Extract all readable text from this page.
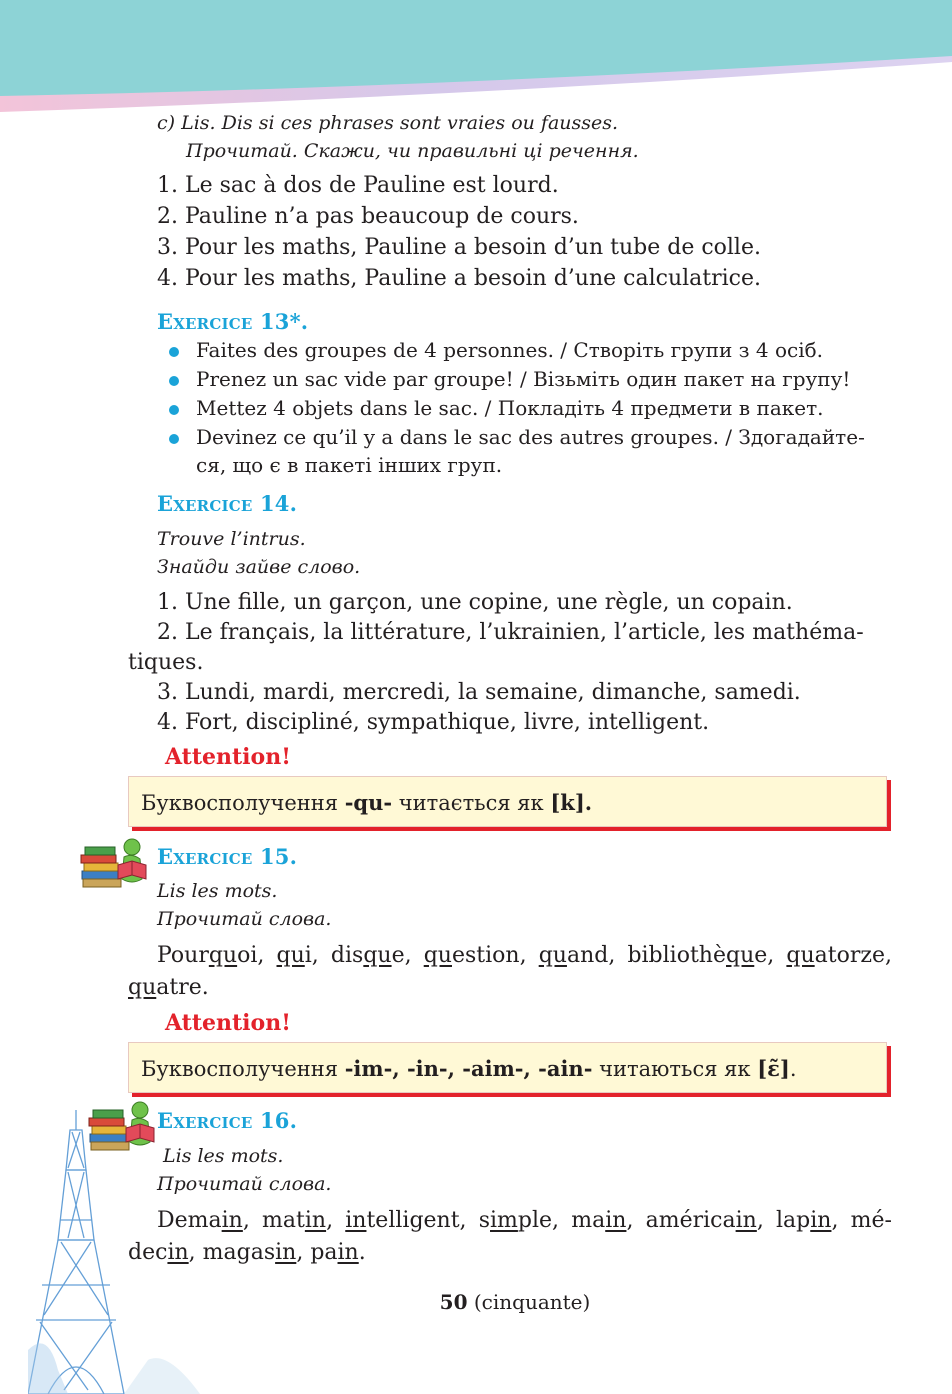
c) Lis. Dis si ces phrases sont vraies ou fausses.
Прочитай. Скажи, чи правильні ці речення.
1. Le sac à dos de Pauline est lourd.
2. Pauline n’a pas beaucoup de cours.
3. Pour les maths, Pauline a besoin d’un tube de colle.
4. Pour les maths, Pauline a besoin d’une calculatrice.
Exercice 13*.
Faites des groupes de 4 personnes. / Створіть групи з 4 осіб.
Prenez un sac vide par groupe! / Візьміть один пакет на групу!
Mettez 4 objets dans le sac. / Покладіть 4 предмети в пакет.
Devinez ce qu’il y a dans le sac des autres groupes. / Здогадайте-
ся, що є в пакеті інших груп.
Exercice 14.
Trouve l’intrus.
Знайди зайве слово.
1. Une fille, un garçon, une copine, une règle, un copain.
2. Le français, la littérature, l’ukrainien, l’article, les mathéma-
tiques.
3. Lundi, mardi, mercredi, la semaine, dimanche, samedi.
4. Fort, discipliné, sympathique, livre, intelligent.
Attention!
Буквосполучення -qu- читається як [k].
Exercice 15.
Lis les mots.
Прочитай слова.
Pourquoi, qui, disque, question, quand, bibliothèque, quatorze,
quatre.
Attention!
Буквосполучення -im-, -in-, -aim-, -ain- читаються як [ɛ̃].
Exercice 16.
Lis les mots.
Прочитай слова.
Demain, matin, intelligent, simple, main, américain, lapin, mé-
decin, magasin, pain.
50 (cinquante)
